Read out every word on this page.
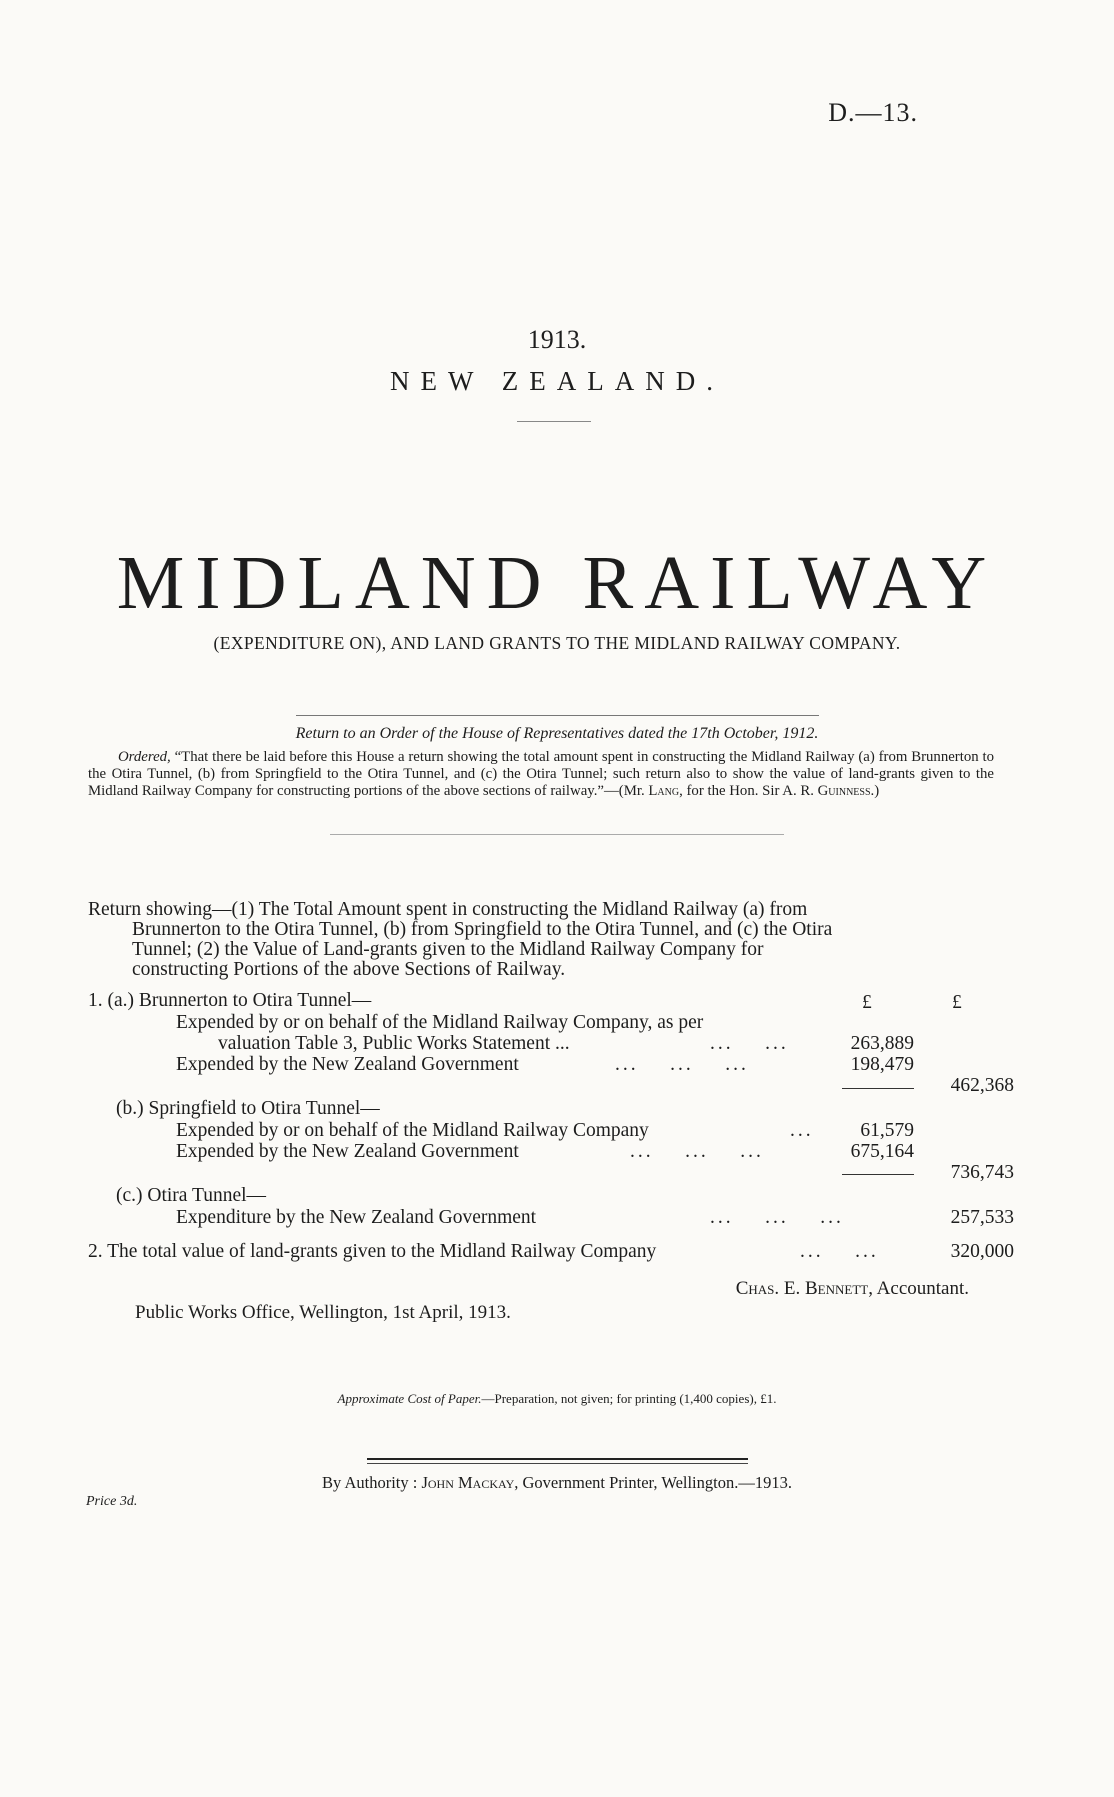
D.—13.
1913.
NEW ZEALAND.
MIDLAND RAILWAY
(EXPENDITURE ON), AND LAND GRANTS TO THE MIDLAND RAILWAY COMPANY.
Return to an Order of the House of Representatives dated the 17th October, 1912.
Ordered, “That there be laid before this House a return showing the total amount spent in constructing the Midland Railway (a) from Brunnerton to the Otira Tunnel, (b) from Springfield to the Otira Tunnel, and (c) the Otira Tunnel; such return also to show the value of land-grants given to the Midland Railway Company for constructing portions of the above sections of railway.”—(Mr. Lang, for the Hon. Sir A. R. Guinness.)
Return showing—(1) The Total Amount spent in constructing the Midland Railway (a) from
Brunnerton to the Otira Tunnel, (b) from Springfield to the Otira Tunnel, and (c) the Otira
Tunnel; (2) the Value of Land-grants given to the Midland Railway Company for
constructing Portions of the above Sections of Railway.
£	£
1. (a.) Brunnerton to Otira Tunnel—
Expended by or on behalf of the Midland Railway Company, as per
valuation Table 3, Public Works Statement ...	...    ...	263,889
Expended by the New Zealand Government	...    ...    ...	198,479
462,368
(b.) Springfield to Otira Tunnel—
Expended by or on behalf of the Midland Railway Company	... 61,579
Expended by the New Zealand Government	...    ...    ...	675,164
736,743
(c.) Otira Tunnel—
Expenditure by the New Zealand Government	...    ...    ...	257,533
2. The total value of land-grants given to the Midland Railway Company	...    ...	320,000
Chas. E. Bennett, Accountant.
Public Works Office, Wellington, 1st April, 1913.
Approximate Cost of Paper.—Preparation, not given; for printing (1,400 copies), £1.
By Authority : John Mackay, Government Printer, Wellington.—1913.
Price 3d.
